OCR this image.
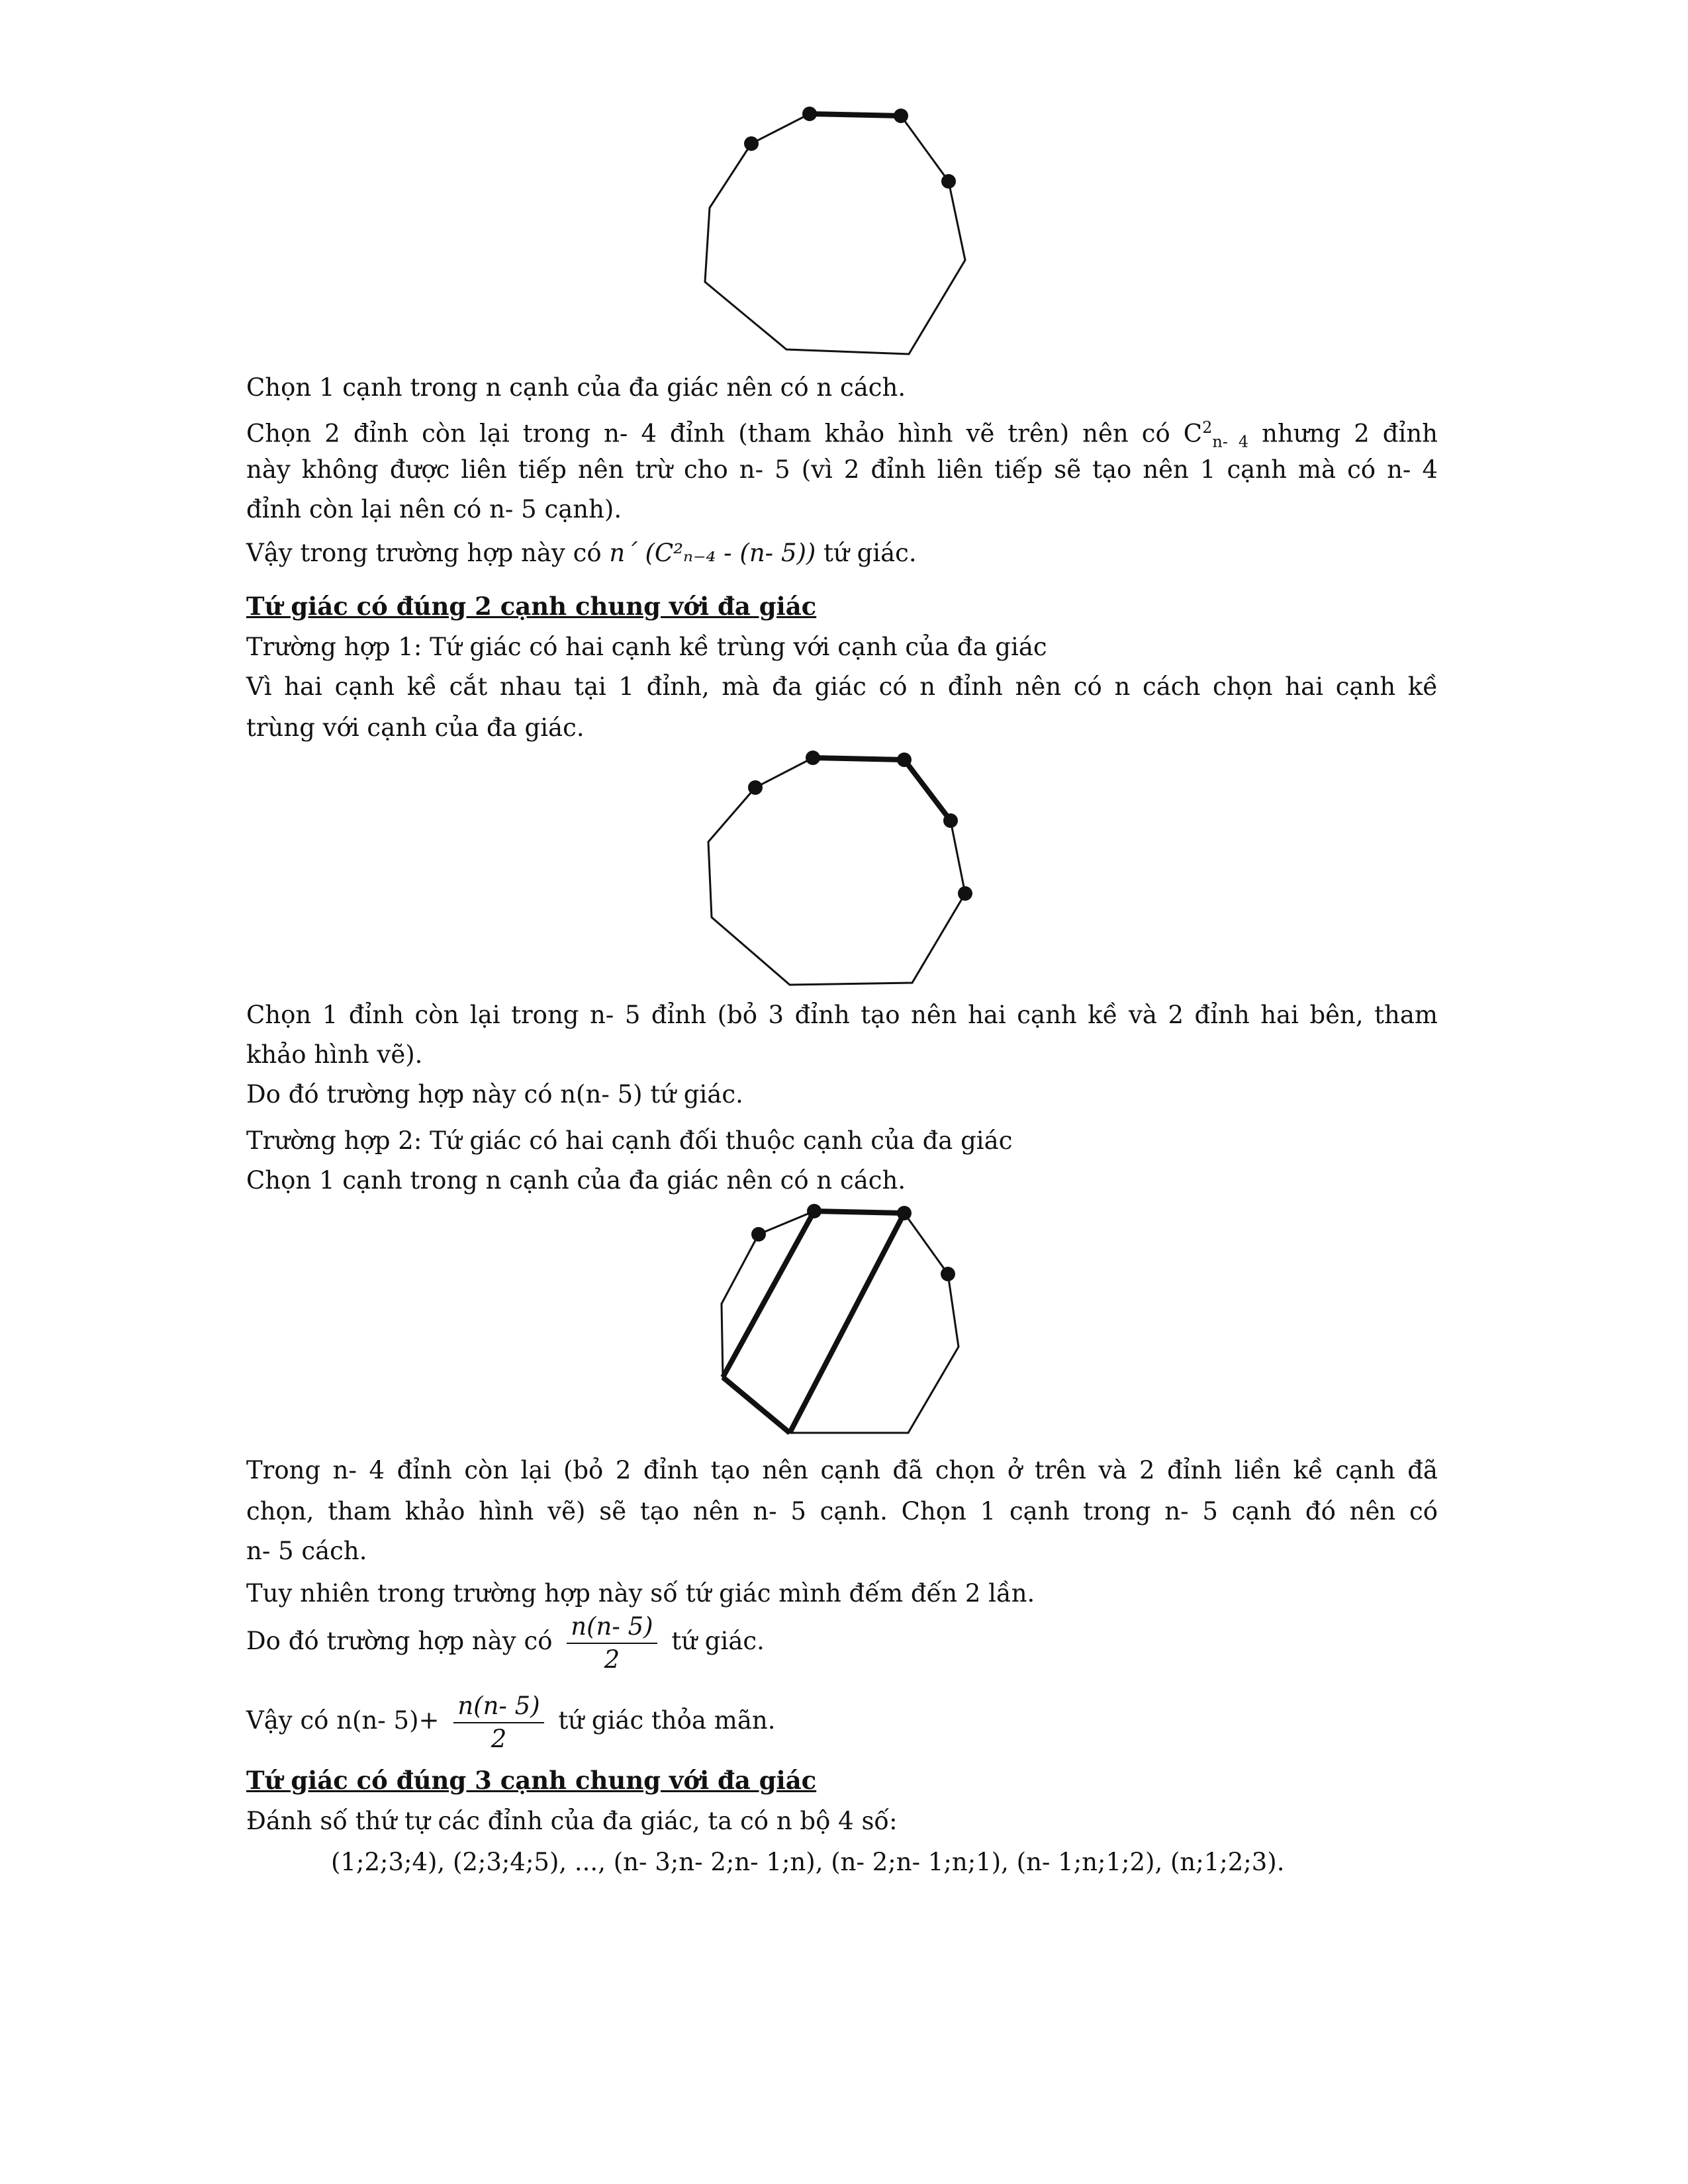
Chọn 1 cạnh trong n cạnh của đa giác nên có n cách.
Chọn 2 đỉnh còn lại trong n- 4 đỉnh (tham khảo hình vẽ trên) nên có $C^2_{n- 4}$ nhưng 2 đỉnh
này không được liên tiếp nên trừ cho n- 5 (vì 2 đỉnh liên tiếp sẽ tạo nên 1 cạnh mà có n- 4
đỉnh còn lại nên có n- 5 cạnh).
Vậy trong trường hợp này có n´ (C²ₙ₋₄ - (n- 5)) tứ giác.
Tứ giác có đúng 2 cạnh chung với đa giác
Trường hợp 1: Tứ giác có hai cạnh kề trùng với cạnh của đa giác
Vì hai cạnh kề cắt nhau tại 1 đỉnh, mà đa giác có n đỉnh nên có n cách chọn hai cạnh kề
trùng với cạnh của đa giác.
Chọn 1 đỉnh còn lại trong n- 5 đỉnh (bỏ 3 đỉnh tạo nên hai cạnh kề và 2 đỉnh hai bên, tham
khảo hình vẽ).
Do đó trường hợp này có n(n- 5) tứ giác.
Trường hợp 2: Tứ giác có hai cạnh đối thuộc cạnh của đa giác
Chọn 1 cạnh trong n cạnh của đa giác nên có n cách.
Trong n- 4 đỉnh còn lại (bỏ 2 đỉnh tạo nên cạnh đã chọn ở trên và 2 đỉnh liền kề cạnh đã
chọn, tham khảo hình vẽ) sẽ tạo nên n- 5 cạnh. Chọn 1 cạnh trong n- 5 cạnh đó nên có
n- 5 cách.
Tuy nhiên trong trường hợp này số tứ giác mình đếm đến 2 lần.
Do đó trường hợp này có $\frac{n(n- 5)}{2}$ tứ giác.
Vậy có n(n- $5)+ \frac{n(n- 5)}{2}$ tứ giác thỏa mãn.
Tứ giác có đúng 3 cạnh chung với đa giác
Đánh số thứ tự các đỉnh của đa giác, ta có n bộ 4 số:
(1;2;3;4), (2;3;4;5), ..., (n- 3;n- 2;n- 1;n), (n- 2;n- 1;n;1), (n- 1;n;1;2), (n;1;2;3).
